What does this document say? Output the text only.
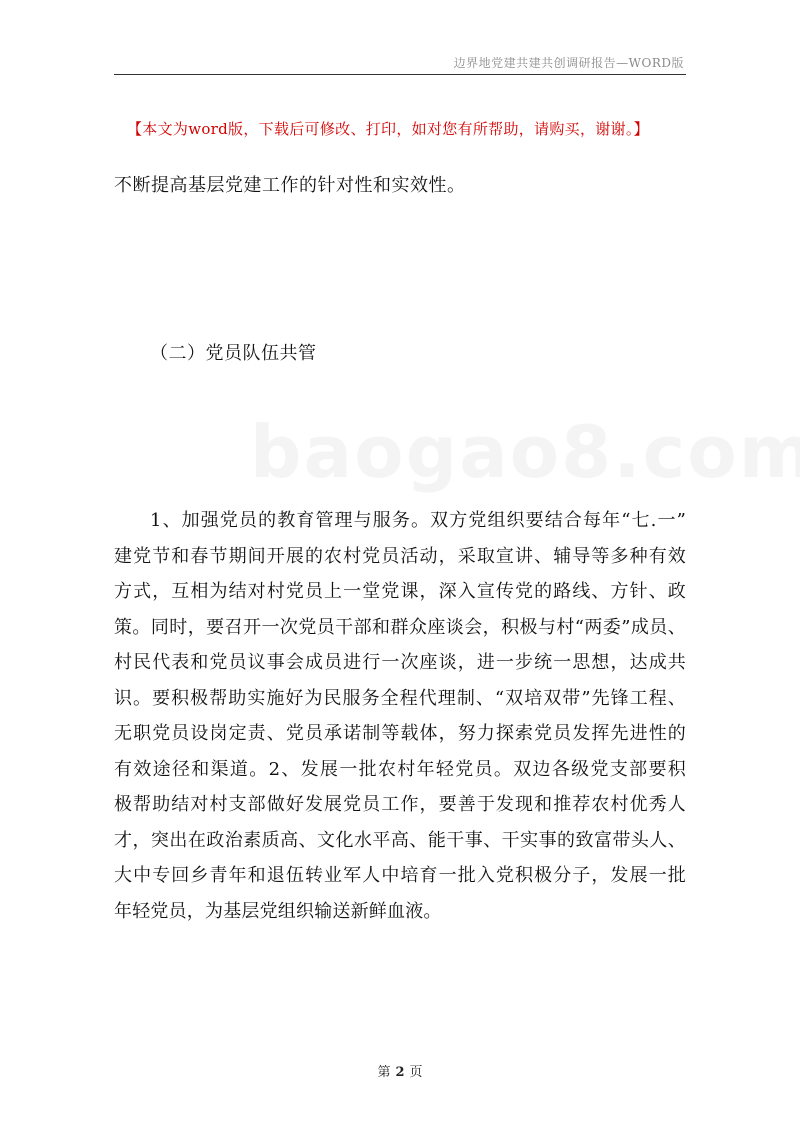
边界地党建共建共创调研报告—WORD版
【本文为word版，下载后可修改、打印，如对您有所帮助，请购买，谢谢。】
不断提高基层党建工作的针对性和实效性。
（二）党员队伍共管
1、加强党员的教育管理与服务。双方党组织要结合每年“七.一”
建党节和春节期间开展的农村党员活动，采取宣讲、辅导等多种有效
方式，互相为结对村党员上一堂党课，深入宣传党的路线、方针、政
策。同时，要召开一次党员干部和群众座谈会，积极与村“两委”成员、
村民代表和党员议事会成员进行一次座谈，进一步统一思想，达成共
识。要积极帮助实施好为民服务全程代理制、“双培双带”先锋工程、
无职党员设岗定责、党员承诺制等载体，努力探索党员发挥先进性的
有效途径和渠道。2、发展一批农村年轻党员。双边各级党支部要积
极帮助结对村支部做好发展党员工作，要善于发现和推荐农村优秀人
才，突出在政治素质高、文化水平高、能干事、干实事的致富带头人、
大中专回乡青年和退伍转业军人中培育一批入党积极分子，发展一批
年轻党员，为基层党组织输送新鲜血液。
第 2 页
